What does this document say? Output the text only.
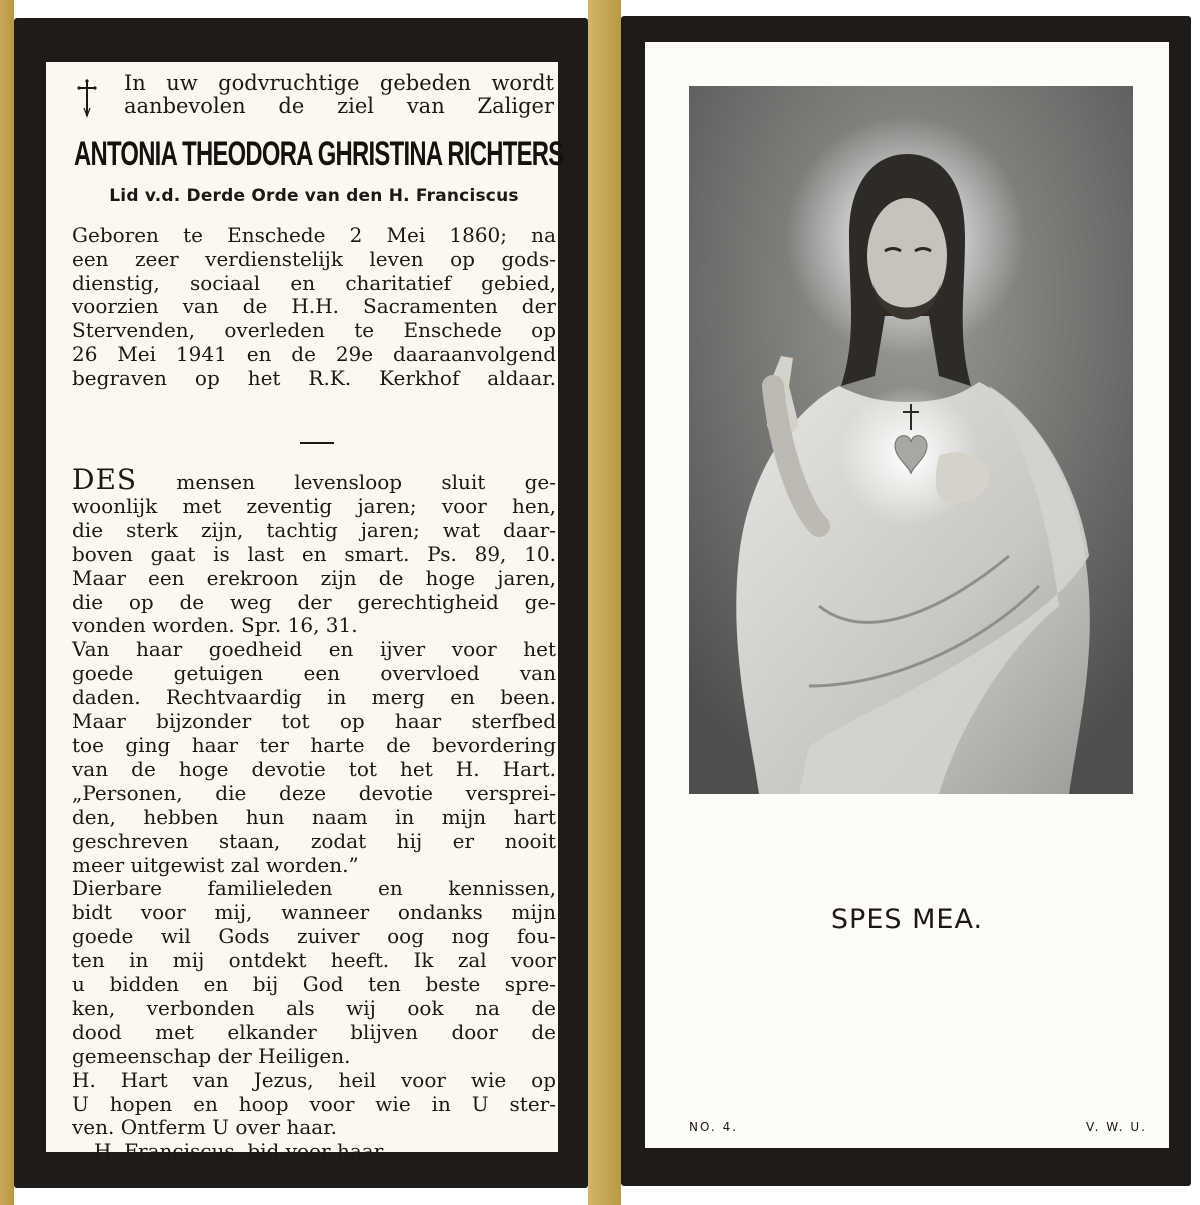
In uw godvruchtige gebeden wordt
aanbevolen de ziel van Zaliger
ANTONIA THEODORA GHRISTINA RICHTERS
Lid v.d. Derde Orde van den H. Franciscus
Geboren te Enschede 2 Mei 1860; na
een zeer verdienstelijk leven op gods-
dienstig, sociaal en charitatief gebied,
voorzien van de H.H. Sacramenten der
Stervenden, overleden te Enschede op
26 Mei 1941 en de 29e daaraanvolgend
begraven op het R.K. Kerkhof aldaar.
DES mensen levensloop sluit ge-
woonlijk met zeventig jaren; voor hen,
die sterk zijn, tachtig jaren; wat daar-
boven gaat is last en smart. Ps. 89, 10.
Maar een erekroon zijn de hoge jaren,
die op de weg der gerechtigheid ge-
vonden worden. Spr. 16, 31.
Van haar goedheid en ijver voor het
goede getuigen een overvloed van
daden. Rechtvaardig in merg en been.
Maar bijzonder tot op haar sterfbed
toe ging haar ter harte de bevordering
van de hoge devotie tot het H. Hart.
„Personen, die deze devotie versprei-
den, hebben hun naam in mijn hart
geschreven staan, zodat hij er nooit
meer uitgewist zal worden.”
Dierbare familieleden en kennissen,
bidt voor mij, wanneer ondanks mijn
goede wil Gods zuiver oog nog fou-
ten in mij ontdekt heeft. Ik zal voor
u bidden en bij God ten beste spre-
ken, verbonden als wij ook na de
dood met elkander blijven door de
gemeenschap der Heiligen.
H. Hart van Jezus, heil voor wie op
U hopen en hoop voor wie in U ster-
ven. Ontferm U over haar.
H. Franciscus, bid voor haar.
SPES MEA.
NO. 4.	V. W. U.
